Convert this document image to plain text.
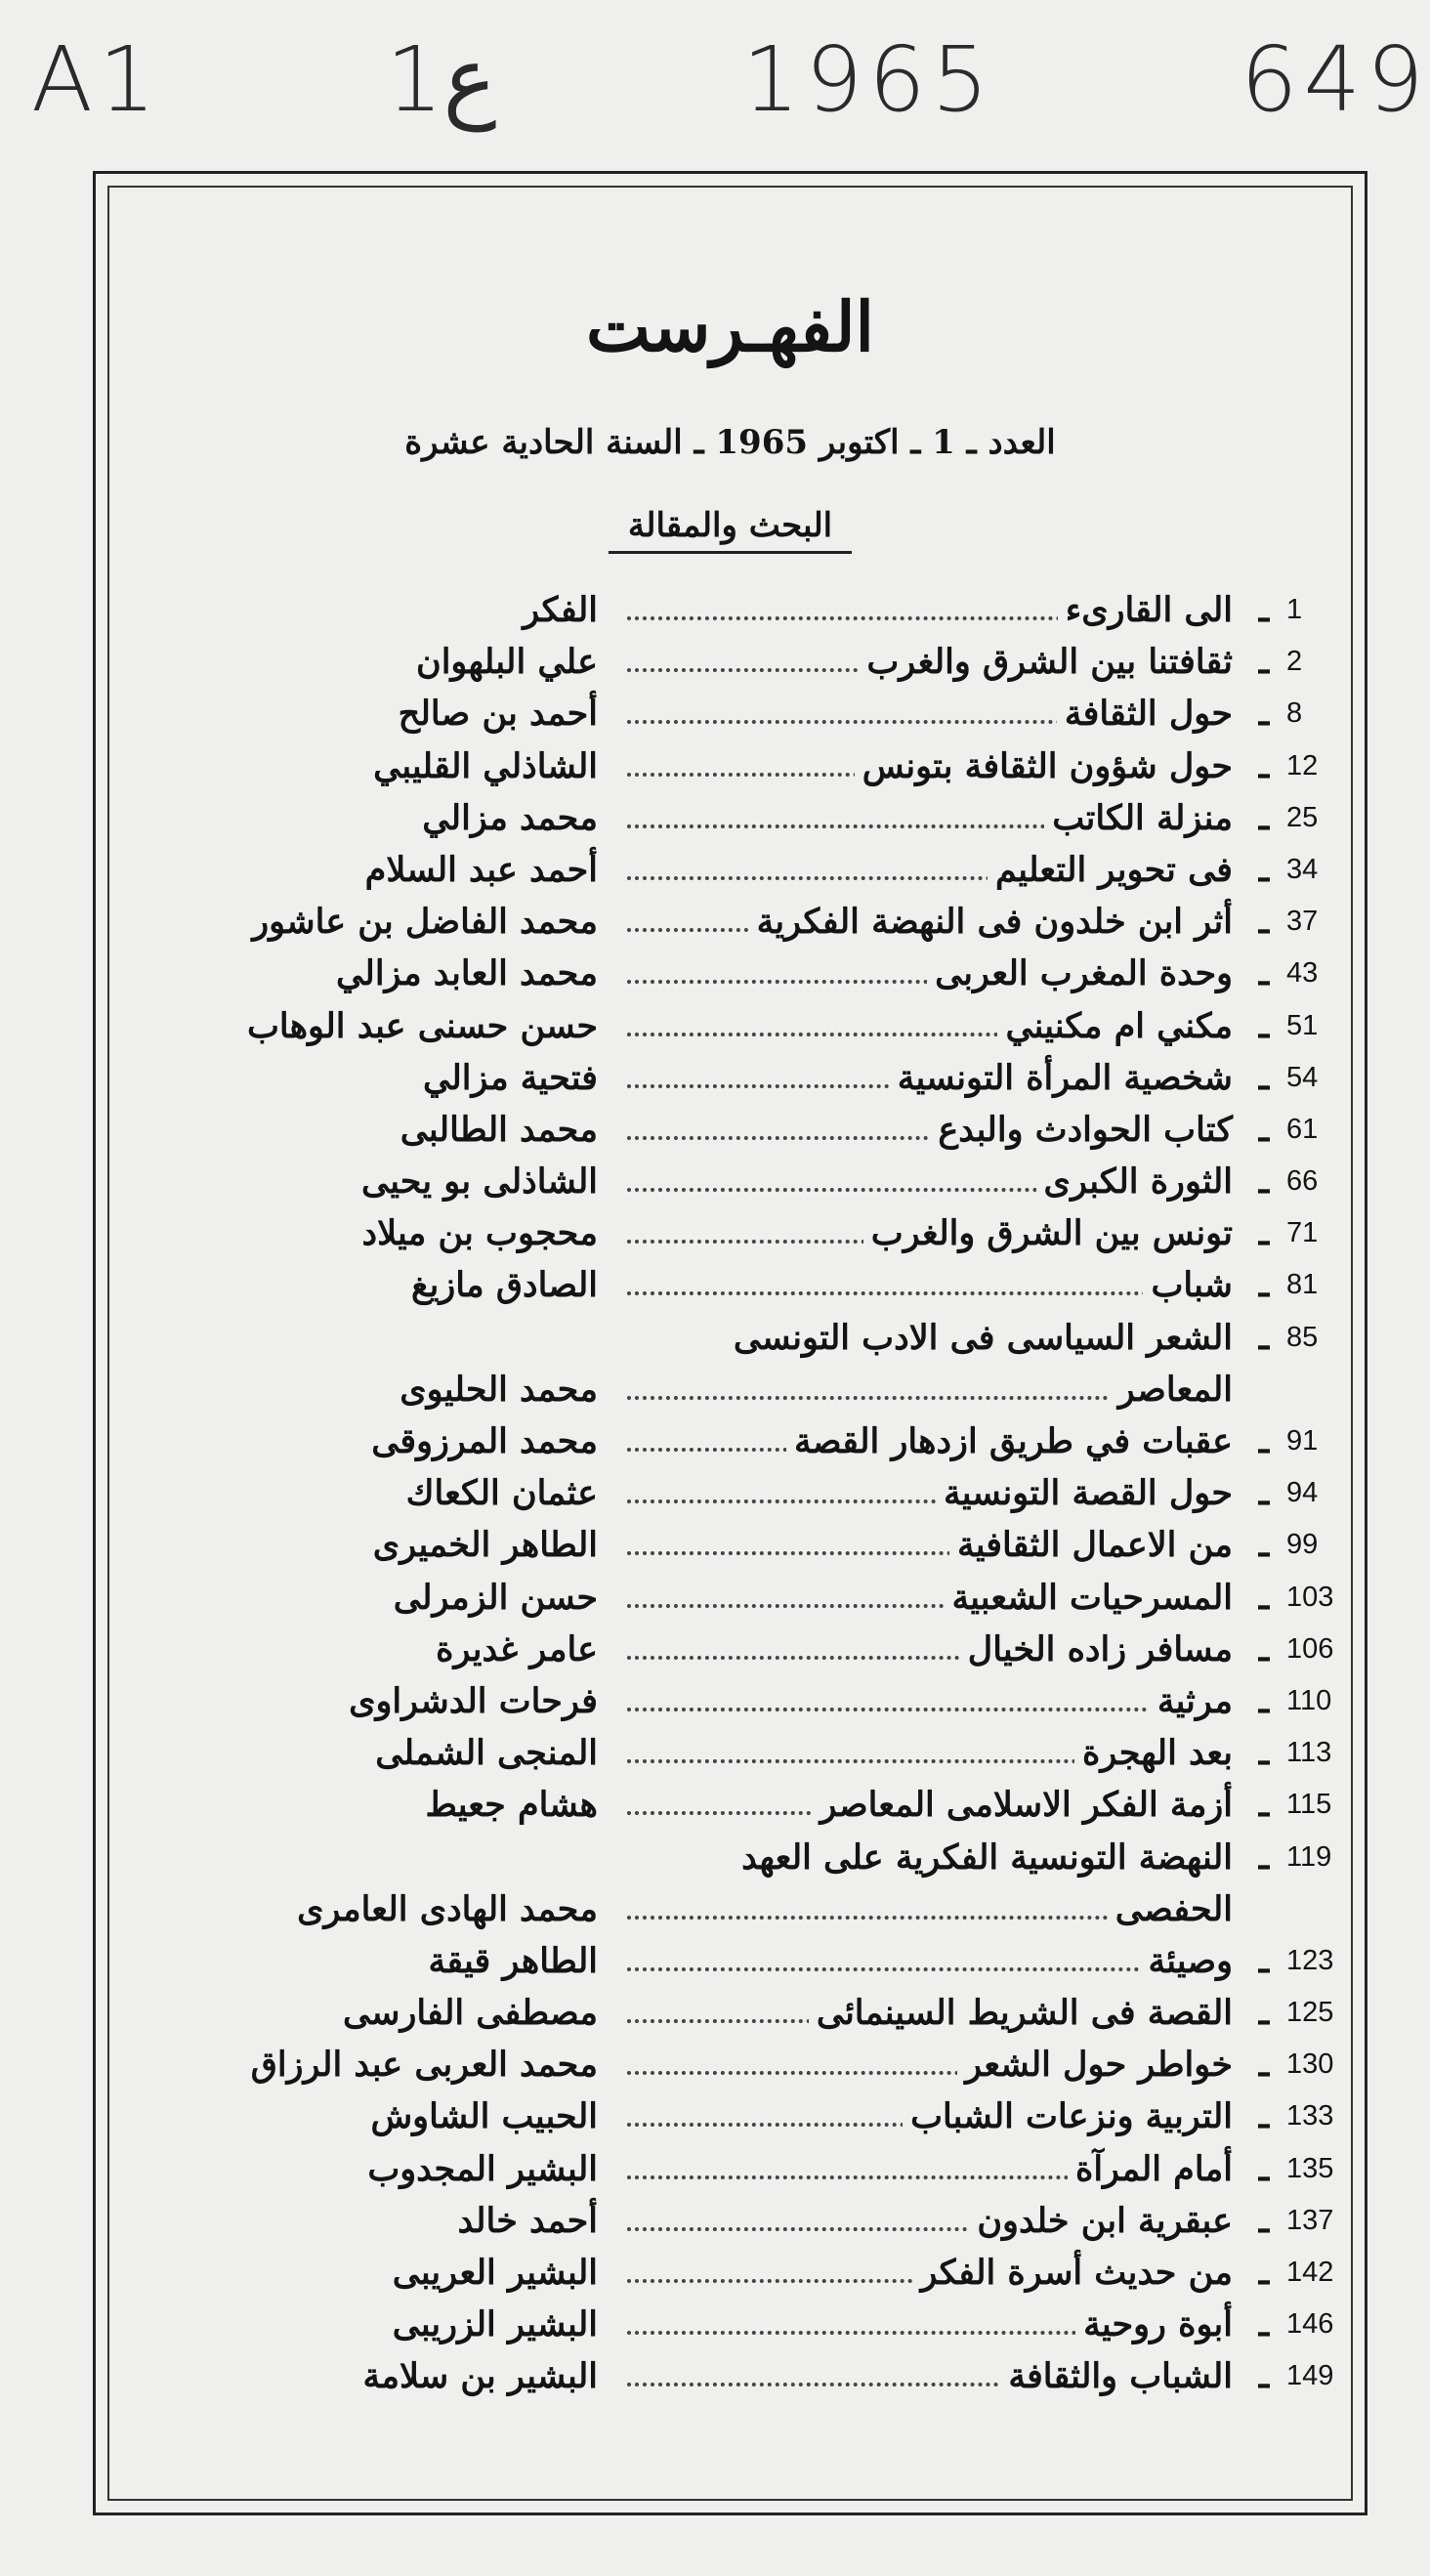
A1 1ع	1965	649
الفهـرست
العدد ـ 1 ـ اكتوبر 1965 ـ السنة الحادية عشرة
البحث والمقالة
1
ـ
الى القارىء
الفكر
2
ـ
ثقافتنا بين الشرق والغرب
علي البلهوان
8
ـ
حول الثقافة
أحمد بن صالح
12
ـ
حول شؤون الثقافة بتونس
الشاذلي القليبي
25
ـ
منزلة الكاتب
محمد مزالي
34
ـ
فى تحوير التعليم
أحمد عبد السلام
37
ـ
أثر ابن خلدون فى النهضة الفكرية
محمد الفاضل بن عاشور
43
ـ
وحدة المغرب العربى
محمد العابد مزالي
51
ـ
مكني ام مكنيني
حسن حسنى عبد الوهاب
54
ـ
شخصية المرأة التونسية
فتحية مزالي
61
ـ
كتاب الحوادث والبدع
محمد الطالبى
66
ـ
الثورة الكبرى
الشاذلى بو يحيى
71
ـ
تونس بين الشرق والغرب
محجوب بن ميلاد
81
ـ
شباب
الصادق مازيغ
85
ـ
الشعر السياسى فى الادب التونسى
المعاصر
محمد الحليوى
91
ـ
عقبات في طريق ازدهار القصة
محمد المرزوقى
94
ـ
حول القصة التونسية
عثمان الكعاك
99
ـ
من الاعمال الثقافية
الطاهر الخميرى
103
ـ
المسرحيات الشعبية
حسن الزمرلى
106
ـ
مسافر زاده الخيال
عامر غديرة
110
ـ
مرثية
فرحات الدشراوى
113
ـ
بعد الهجرة
المنجى الشملى
115
ـ
أزمة الفكر الاسلامى المعاصر
هشام جعيط
119
ـ
النهضة التونسية الفكرية على العهد
الحفصى
محمد الهادى العامرى
123
ـ
وصيئة
الطاهر قيقة
125
ـ
القصة فى الشريط السينمائى
مصطفى الفارسى
130
ـ
خواطر حول الشعر
محمد العربى عبد الرزاق
133
ـ
التربية ونزعات الشباب
الحبيب الشاوش
135
ـ
أمام المرآة
البشير المجدوب
137
ـ
عبقرية ابن خلدون
أحمد خالد
142
ـ
من حديث أسرة الفكر
البشير العريبى
146
ـ
أبوة روحية
البشير الزريبى
149
ـ
الشباب والثقافة
البشير بن سلامة
